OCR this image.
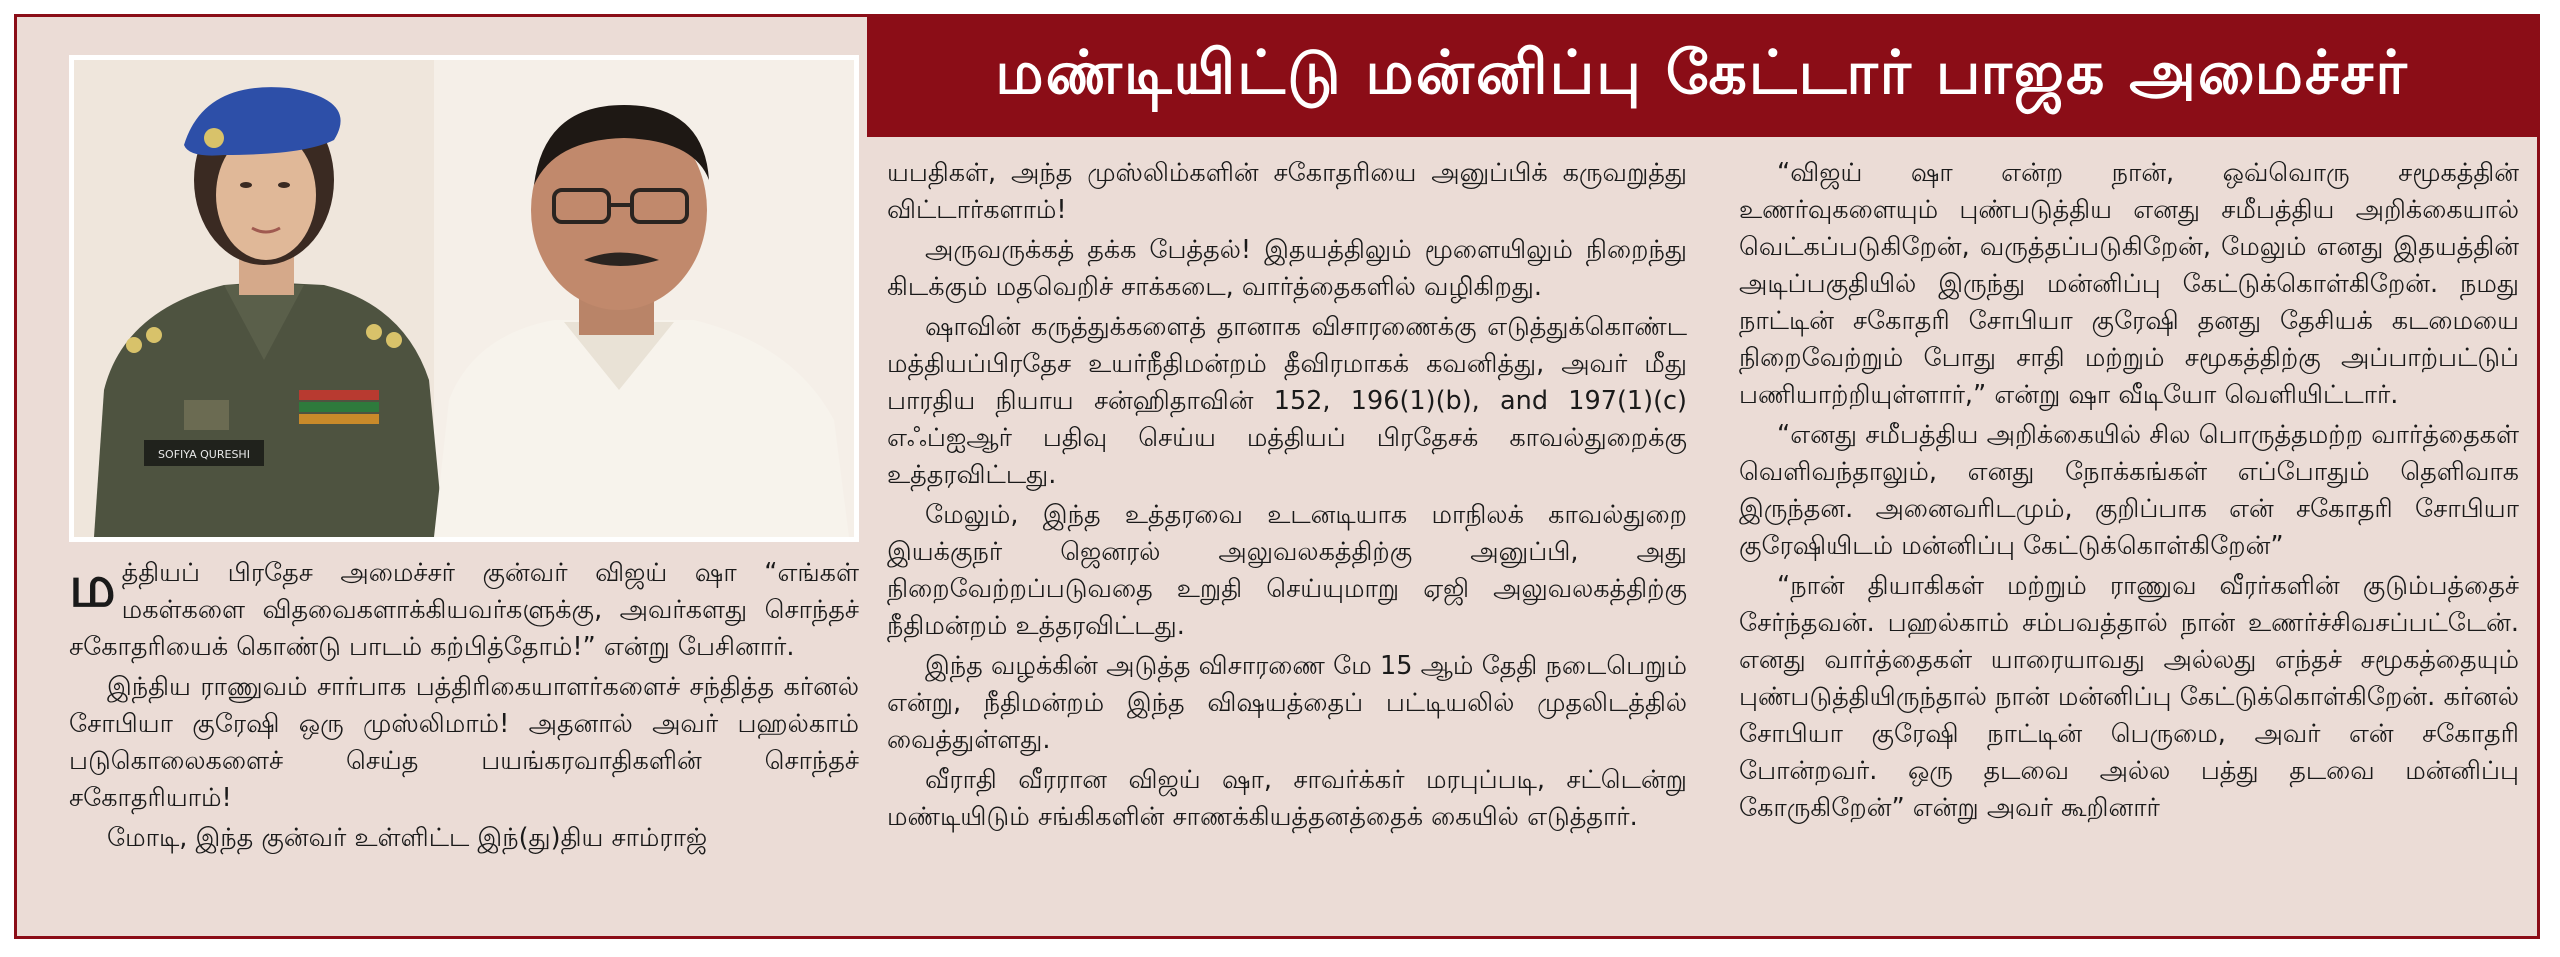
மண்டியிட்டு மன்னிப்பு கேட்டார் பாஜக அமைச்சர்
SOFIYA QURESHI

மத்தியப் பிரதேச அமைச்சர் குன்வர் விஜய் ஷா “எங்கள் மகள்களை விதவைகளாக்கியவர்களுக்கு, அவர்களது சொந்தச் சகோதரியைக் கொண்டு பாடம் கற்பித்தோம்!” என்று பேசினார்.

இந்திய ராணுவம் சார்பாக பத்திரிகையாளர்களைச் சந்தித்த கர்னல் சோபியா குரேஷி ஒரு முஸ்லிமாம்! அதனால் அவர் பஹல்காம் படுகொலைகளைச் செய்த பயங்கரவாதிகளின் சொந்தச் சகோதரியாம்!

மோடி, இந்த குன்வர் உள்ளிட்ட இந்(து)திய சாம்ராஜ்

யபதிகள், அந்த முஸ்லிம்களின் சகோதரியை அனுப்பிக் கருவறுத்து விட்டார்களாம்!

அருவருக்கத் தக்க பேத்தல்! இதயத்திலும் மூளையிலும் நிறைந்து கிடக்கும் மதவெறிச் சாக்கடை, வார்த்தைகளில் வழிகிறது.

ஷாவின் கருத்துக்களைத் தானாக விசாரணைக்கு எடுத்துக்கொண்ட மத்தியப்பிரதேச உயர்நீதிமன்றம் தீவிரமாகக் கவனித்து, அவர் மீது பாரதிய நியாய சன்ஹிதாவின் 152, 196(1)(b), and 197(1)(c) எஃப்ஐஆர் பதிவு செய்ய மத்தியப் பிரதேசக் காவல்துறைக்கு உத்தரவிட்டது.

மேலும், இந்த உத்தரவை உடனடியாக மாநிலக் காவல்துறை இயக்குநர் ஜெனரல் அலுவலகத்திற்கு அனுப்பி, அது நிறைவேற்றப்படுவதை உறுதி செய்யுமாறு ஏஜி அலுவலகத்திற்கு நீதிமன்றம் உத்தரவிட்டது.

இந்த வழக்கின் அடுத்த விசாரணை மே 15 ஆம் தேதி நடைபெறும் என்று, நீதிமன்றம் இந்த விஷயத்தைப் பட்டியலில் முதலிடத்தில் வைத்துள்ளது.

வீராதி வீரரான விஜய் ஷா, சாவர்க்கர் மரபுப்படி, சட்டென்று மண்டியிடும் சங்கிகளின் சாணக்கியத்தனத்தைக் கையில் எடுத்தார்.

“விஜய் ஷா என்ற நான், ஒவ்வொரு சமூகத்தின் உணர்வுகளையும் புண்படுத்திய எனது சமீபத்திய அறிக்கையால் வெட்கப்படுகிறேன், வருத்தப்படுகிறேன், மேலும் எனது இதயத்தின் அடிப்பகுதியில் இருந்து மன்னிப்பு கேட்டுக்கொள்கிறேன். நமது நாட்டின் சகோதரி சோபியா குரேஷி தனது தேசியக் கடமையை நிறைவேற்றும் போது சாதி மற்றும் சமூகத்திற்கு அப்பாற்பட்டுப் பணியாற்றியுள்ளார்,” என்று ஷா வீடியோ வெளியிட்டார்.

“எனது சமீபத்திய அறிக்கையில் சில பொருத்தமற்ற வார்த்தைகள் வெளிவந்தாலும், எனது நோக்கங்கள் எப்போதும் தெளிவாக இருந்தன. அனைவரிடமும், குறிப்பாக என் சகோதரி சோபியா குரேஷியிடம் மன்னிப்பு கேட்டுக்கொள்கிறேன்”

“நான் தியாகிகள் மற்றும் ராணுவ வீரர்களின் குடும்பத்தைச் சேர்ந்தவன். பஹல்காம் சம்பவத்தால் நான் உணர்ச்சிவசப்பட்டேன். எனது வார்த்தைகள் யாரையாவது அல்லது எந்தச் சமூகத்தையும் புண்படுத்தியிருந்தால் நான் மன்னிப்பு கேட்டுக்கொள்கிறேன். கர்னல் சோபியா குரேஷி நாட்டின் பெருமை, அவர் என் சகோதரி போன்றவர். ஒரு தடவை அல்ல பத்து தடவை மன்னிப்பு கோருகிறேன்” என்று அவர் கூறினார்
